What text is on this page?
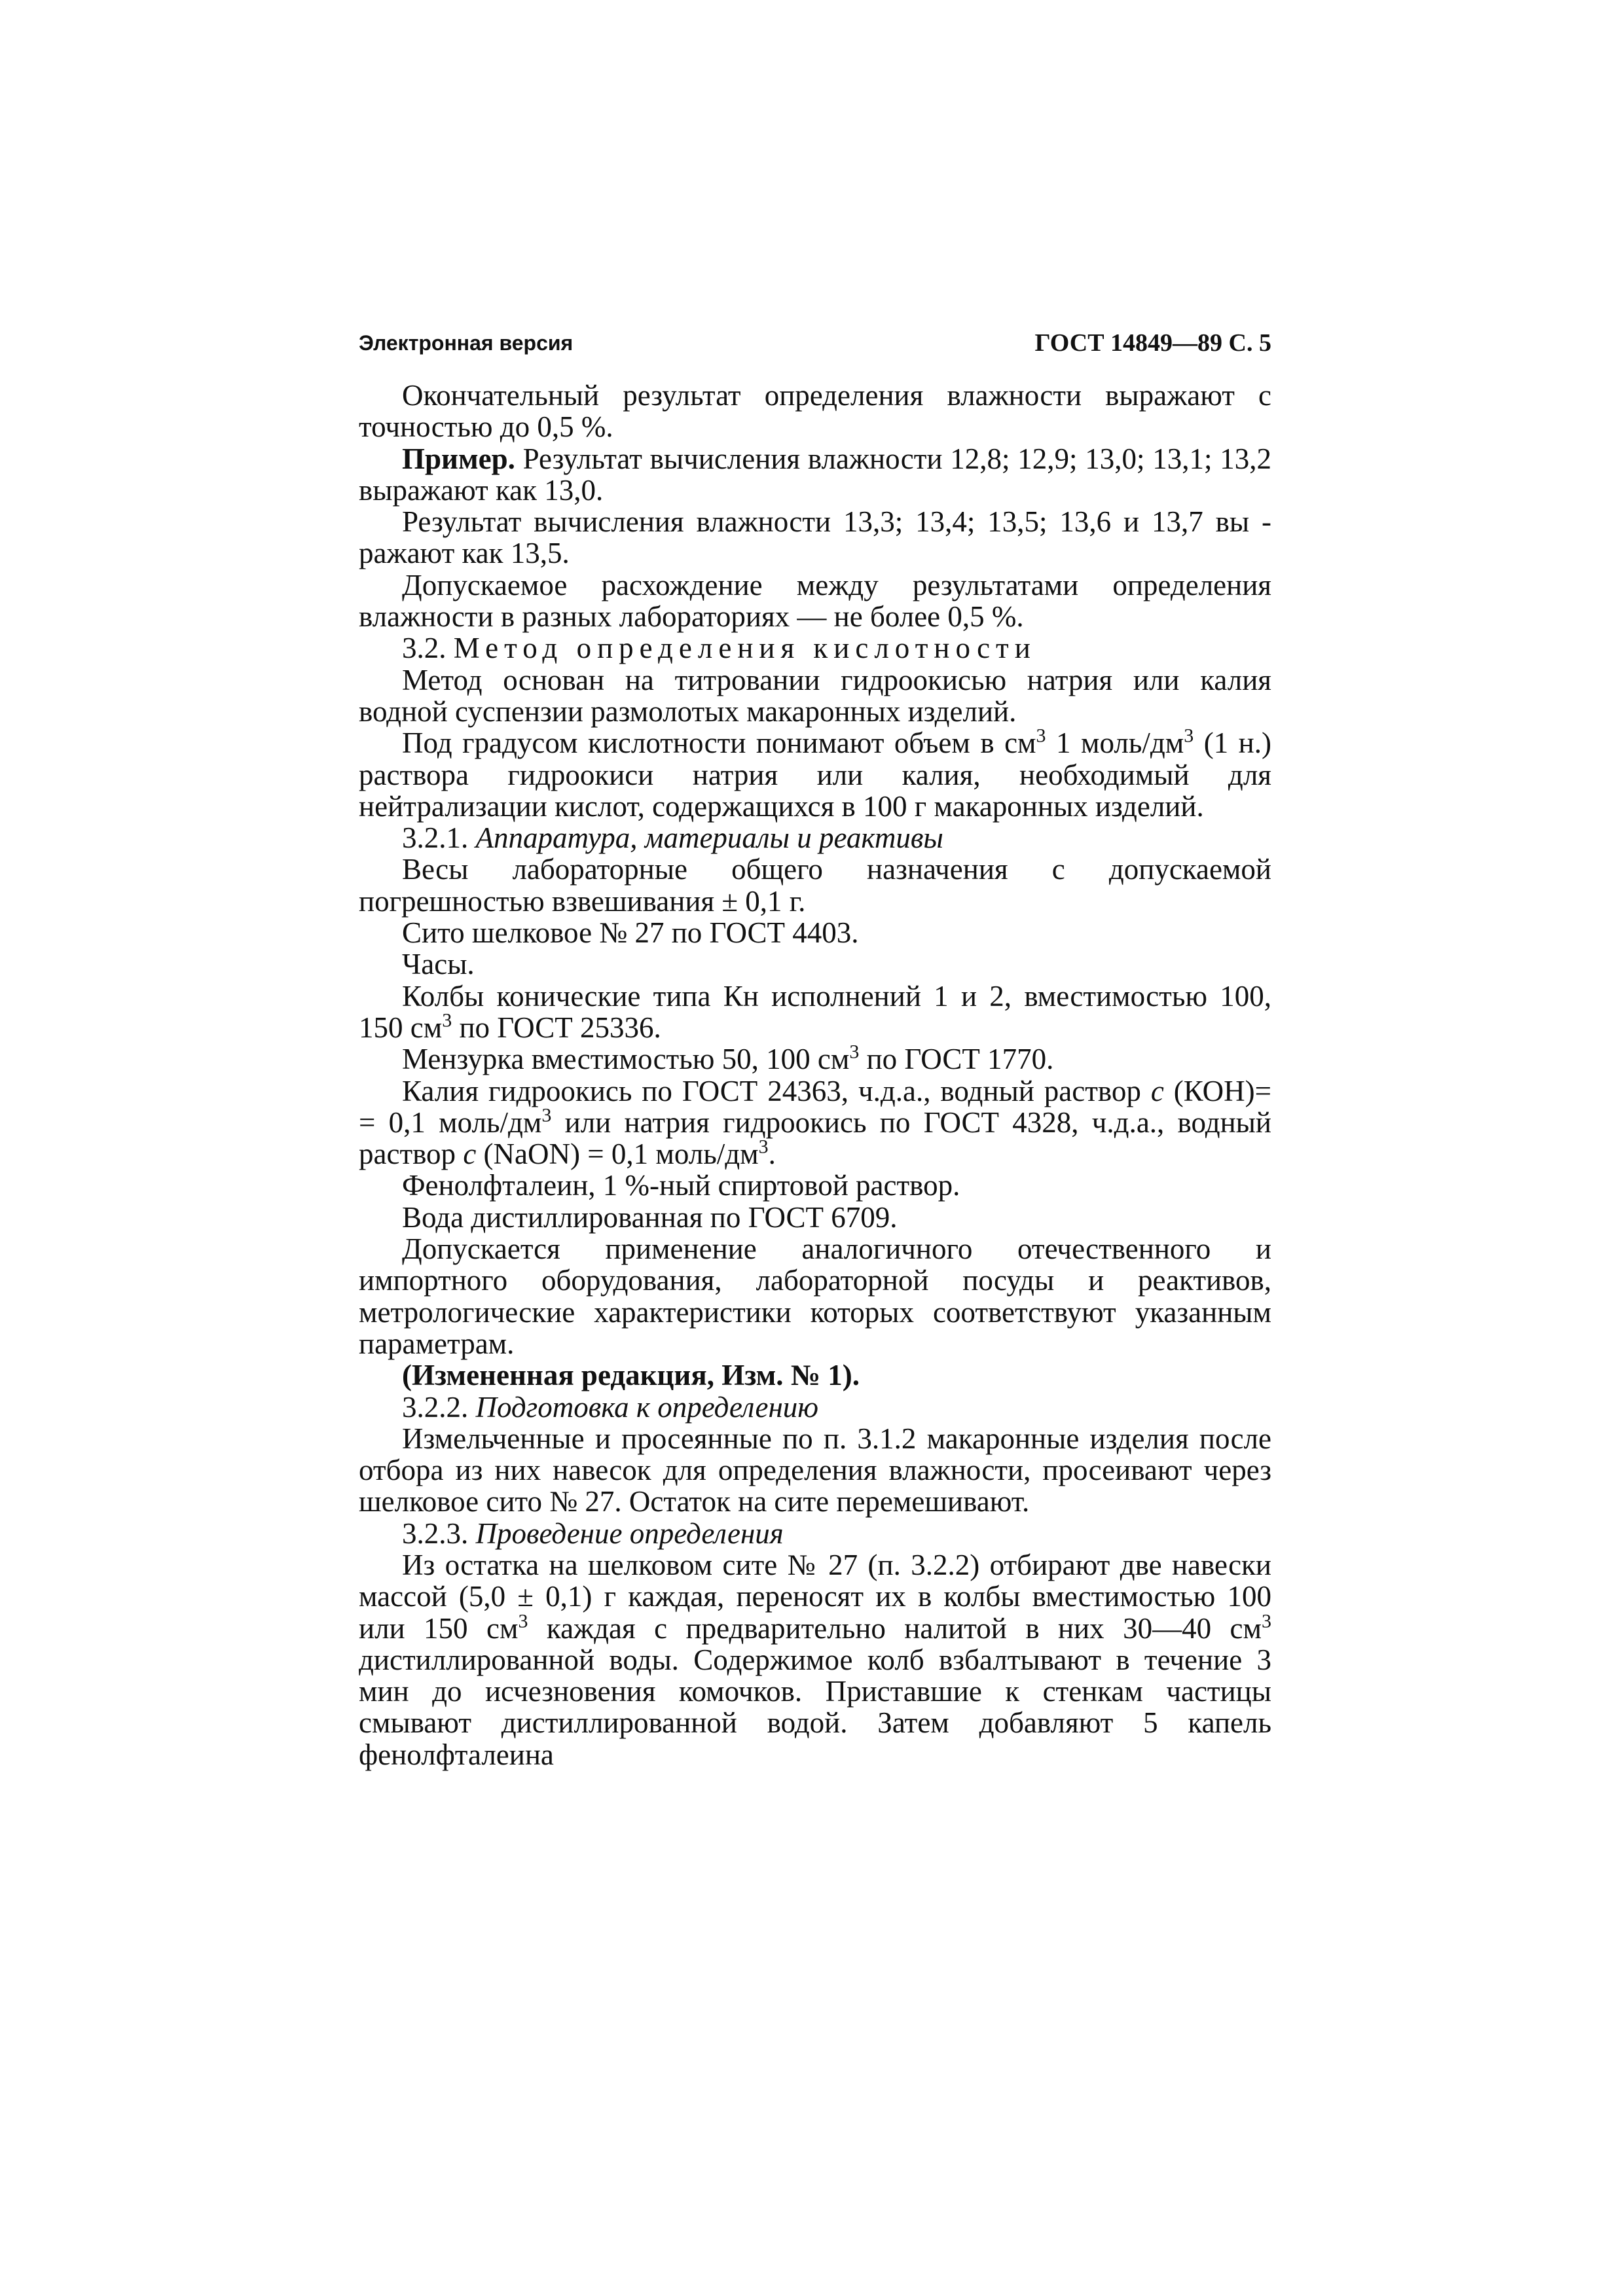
Электронная версия	ГОСТ 14849—89 С. 5

Окончательный результат определения влажности выражают с точностью до 0,5 %.

Пример. Результат вычисления влажности 12,8; 12,9; 13,0; 13,1; 13,2 выражают как 13,0.

Результат вычисления влажности 13,3; 13,4; 13,5; 13,6 и 13,7 вы - ражают как 13,5.

Допускаемое расхождение между результатами определения влажности в разных лабораториях — не более 0,5 %.

3.2. Метод определения кислотности

Метод основан на титровании гидроокисью натрия или калия водной суспензии размолотых макаронных изделий.

Под градусом кислотности понимают объем в $см^3$ 1 моль/$дм^3$ (1 н.) раствора гидроокиси натрия или калия, необходимый для нейтрализации кислот, содержащихся в 100 г макаронных изделий.

3.2.1. Аппаратура, материалы и реактивы

Весы лабораторные общего назначения с допускаемой погрешностью взвешивания ± 0,1 г.

Сито шелковое № 27 по ГОСТ 4403.

Часы.

Колбы конические типа Кн исполнений 1 и 2, вместимостью 100, 150 $см^3$ по ГОСТ 25336.

Мензурка вместимостью 50, 100 $см^3$ по ГОСТ 1770.

Калия гидроокись по ГОСТ 24363, ч.д.а., водный раствор c (КОН)= = 0,1 моль/$дм^3$ или натрия гидроокись по ГОСТ 4328, ч.д.а., водный раствор c (NaON) = 0,1 моль/$дм^3$.

Фенолфталеин, 1 %-ный спиртовой раствор.

Вода дистиллированная по ГОСТ 6709.

Допускается применение аналогичного отечественного и импортного оборудования, лабораторной посуды и реактивов, метрологические характеристики которых соответствуют указанным параметрам.

(Измененная редакция, Изм. № 1).

3.2.2. Подготовка к определению

Измельченные и просеянные по п. 3.1.2 макаронные изделия после отбора из них навесок для определения влажности, просеивают через шелковое сито № 27. Остаток на сите перемешивают.

3.2.3. Проведение определения

Из остатка на шелковом сите № 27 (п. 3.2.2) отбирают две навески массой (5,0 ± 0,1) г каждая, переносят их в колбы вместимостью 100 или 150 $см^3$ каждая с предварительно налитой в них 30—40 $см^3$ дистиллированной воды. Содержимое колб взбалтывают в течение 3 мин до исчезновения комочков. Приставшие к стенкам частицы смывают дистиллированной водой. Затем добавляют 5 капель фенолфталеина
